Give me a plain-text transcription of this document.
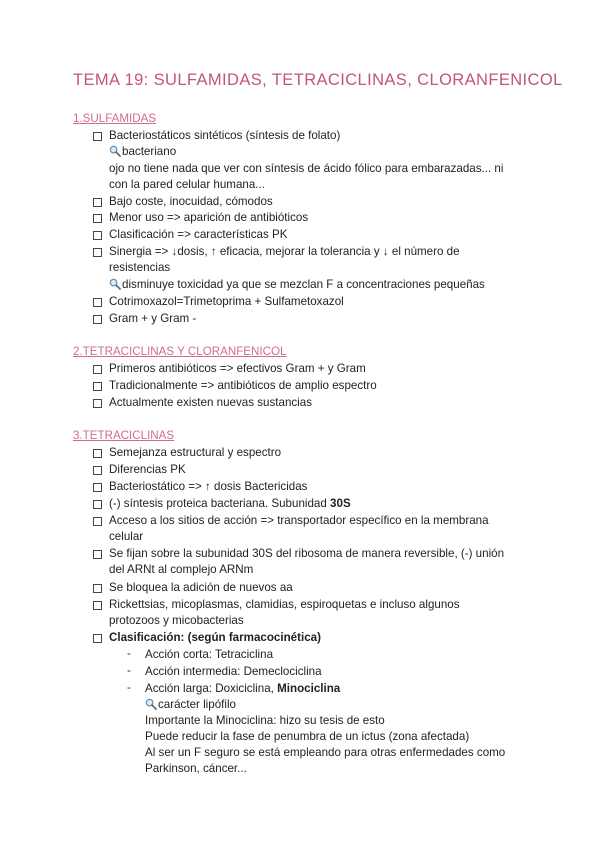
TEMA 19: SULFAMIDAS, TETRACICLINAS, CLORANFENICOL
1.SULFAMIDAS
Bacteriostáticos sintéticos (síntesis de folato)
bacteriano
ojo no tiene nada que ver con síntesis de ácido fólico para embarazadas... ni
con la pared celular humana...
Bajo coste, inocuidad, cómodos
Menor uso => aparición de antibióticos
Clasificación => características PK
Sinergia => ↓dosis, ↑ eficacia, mejorar la tolerancia y ↓ el número de
resistencias
disminuye toxicidad ya que se mezclan F a concentraciones pequeñas
Cotrimoxazol=Trimetoprima + Sulfametoxazol
Gram + y Gram -
2.TETRACICLINAS Y CLORANFENICOL
Primeros antibióticos => efectivos Gram + y Gram
Tradicionalmente => antibióticos de amplio espectro
Actualmente existen nuevas sustancias
3.TETRACICLINAS
Semejanza estructural y espectro
Diferencias PK
Bacteriostático => ↑ dosis Bactericidas
(-) síntesis proteica bacteriana. Subunidad 30S
Acceso a los sitios de acción => transportador específico en la membrana
celular
Se fijan sobre la subunidad 30S del ribosoma de manera reversible, (-) unión
del ARNt al complejo ARNm
Se bloquea la adición de nuevos aa
Rickettsias, micoplasmas, clamidias, espiroquetas e incluso algunos
protozoos y micobacterias
Clasificación: (según farmacocinética)
- Acción corta: Tetraciclina
- Acción intermedia: Demeclociclina
- Acción larga: Doxiciclina, Minociclina
carácter lipófilo
Importante la Minociclina: hizo su tesis de esto
Puede reducir la fase de penumbra de un ictus (zona afectada)
Al ser un F seguro se está empleando para otras enfermedades como
Parkinson, cáncer...
